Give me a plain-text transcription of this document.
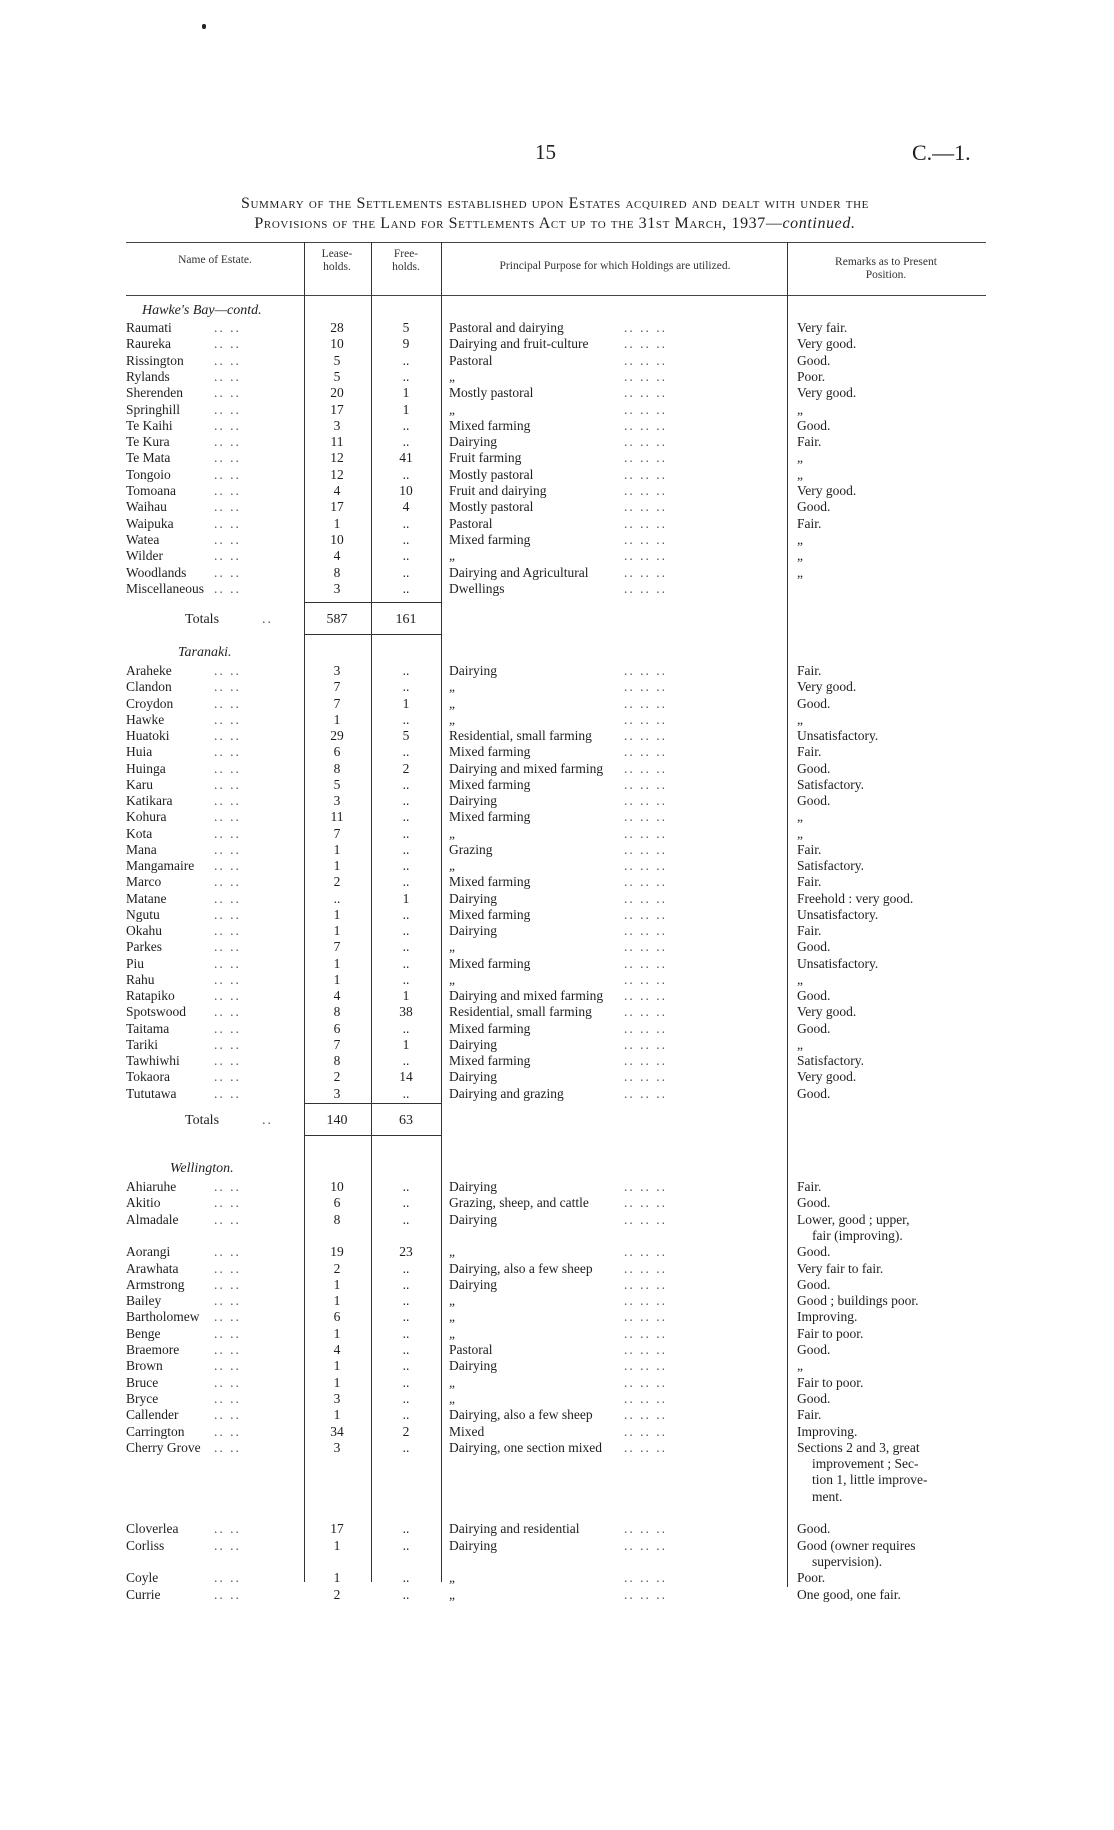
15	C.—1.
Summary of the Settlements established upon Estates acquired and dealt with under the
Provisions of the Land for Settlements Act up to the 31st March, 1937—continued.
Name of Estate.	Lease-
holds.
Free-
holds.	Principal Purpose for which Holdings are utilized.	Remarks as to Present
Position.
Hawke's Bay—contd.
Raumati	.. ..	28	5	Pastoral and dairying	.. .. ..	Very fair.
Raureka	.. ..	10	9	Dairying and fruit-culture	.. .. ..	Very good.
Rissington .. ..	5	..	Pastoral	.. .. ..	Good.
Rylands	.. ..	5	..	„	.. .. ..	Poor.
Sherenden .. ..	20	1	Mostly pastoral	.. .. ..	Very good.
Springhill	.. ..	17	1	„	.. .. ..	„
Te Kaihi	.. ..	3	..	Mixed farming	.. .. ..	Good.
Te Kura	.. ..	11	..	Dairying	.. .. ..	Fair.
Te Mata	.. ..	12	41	Fruit farming	.. .. ..	„
Tongoio	.. ..	12	..	Mostly pastoral	.. .. ..	„
Tomoana	.. ..	4	10	Fruit and dairying	.. .. ..	Very good.
Waihau	.. ..	17	4	Mostly pastoral	.. .. ..	Good.
Waipuka	.. ..	1	..	Pastoral	.. .. ..	Fair.
Watea	.. ..	10	..	Mixed farming	.. .. ..	„
Wilder	.. ..	4	..	„	.. .. ..	„
Woodlands .. ..	8	..	Dairying and Agricultural	.. .. ..	„
Miscellaneous .. ..	3	..	Dwellings	.. .. ..
Totals	..	587	161
Taranaki.
Araheke	.. ..	3	..	Dairying	.. .. ..	Fair.
Clandon	.. ..	7	..	„	.. .. ..	Very good.
Croydon	.. ..	7	1	„	.. .. ..	Good.
Hawke	.. ..	1	..	„	.. .. ..	„
Huatoki	.. ..	29	5	Residential, small farming .. .. ..	Unsatisfactory.
Huia	.. ..	6	..	Mixed farming	.. .. ..	Fair.
Huinga	.. ..	8	2	Dairying and mixed farming .. .. ..	Good.
Karu	.. ..	5	..	Mixed farming	.. .. ..	Satisfactory.
Katikara	.. ..	3	..	Dairying	.. .. ..	Good.
Kohura	.. ..	11	..	Mixed farming	.. .. ..	„
Kota	.. ..	7	..	„	.. .. ..	„
Mana	.. ..	1	..	Grazing	.. .. ..	Fair.
Mangamaire .. ..	1	..	„	.. .. ..	Satisfactory.
Marco	.. ..	2	..	Mixed farming	.. .. ..	Fair.
Matane	.. ..	..	1	Dairying	.. .. ..	Freehold : very good.
Ngutu	.. ..	1	..	Mixed farming	.. .. ..	Unsatisfactory.
Okahu	.. ..	1	..	Dairying	.. .. ..	Fair.
Parkes	.. ..	7	..	„	.. .. ..	Good.
Piu	.. ..	1	..	Mixed farming	.. .. ..	Unsatisfactory.
Rahu	.. ..	1	..	„	.. .. ..	„
Ratapiko	.. ..	4	1	Dairying and mixed farming .. .. ..	Good.
Spotswood .. ..	8	38	Residential, small farming .. .. ..	Very good.
Taitama	.. ..	6	..	Mixed farming	.. .. ..	Good.
Tariki	.. ..	7	1	Dairying	.. .. ..	„
Tawhiwhi	.. ..	8	..	Mixed farming	.. .. ..	Satisfactory.
Tokaora	.. ..	2	14	Dairying	.. .. ..	Very good.
Tututawa	.. ..	3	..	Dairying and grazing	.. .. ..	Good.
Totals	..	140	63
Wellington.
Ahiaruhe	.. ..	10	..	Dairying	.. .. ..	Fair.
Akitio	.. ..	6	..	Grazing, sheep, and cattle	.. .. ..	Good.
Almadale	.. ..	8	..	Dairying	.. .. ..	Lower, good ; upper,
fair (improving).
Aorangi	.. ..	19	23	„	.. .. ..	Good.
Arawhata	.. ..	2	..	Dairying, also a few sheep .. .. ..	Very fair to fair.
Armstrong .. ..	1	..	Dairying	.. .. ..	Good.
Bailey	.. ..	1	..	„	.. .. ..	Good ; buildings poor.
Bartholomew .. ..	6	..	„	.. .. ..	Improving.
Benge	.. ..	1	..	„	.. .. ..	Fair to poor.
Braemore	.. ..	4	..	Pastoral	.. .. ..	Good.
Brown	.. ..	1	..	Dairying	.. .. ..	„
Bruce	.. ..	1	..	„	.. .. ..	Fair to poor.
Bryce	.. ..	3	..	„	.. .. ..	Good.
Callender	.. ..	1	..	Dairying, also a few sheep .. .. ..	Fair.
Carrington .. ..	34	2	Mixed	.. .. ..	Improving.
Cherry Grove .. ..	3	..	Dairying, one section mixed .. .. ..	Sections 2 and 3, great
improvement ; Sec-
tion 1, little improve-
ment.
Cloverlea	.. ..	17	..	Dairying and residential	.. .. ..	Good.
Corliss	.. ..	1	..	Dairying	.. .. ..	Good (owner requires
supervision).
Coyle	.. ..	1	..	„	.. .. ..	Poor.
Currie	.. ..	2	..	„	.. .. ..	One good, one fair.
